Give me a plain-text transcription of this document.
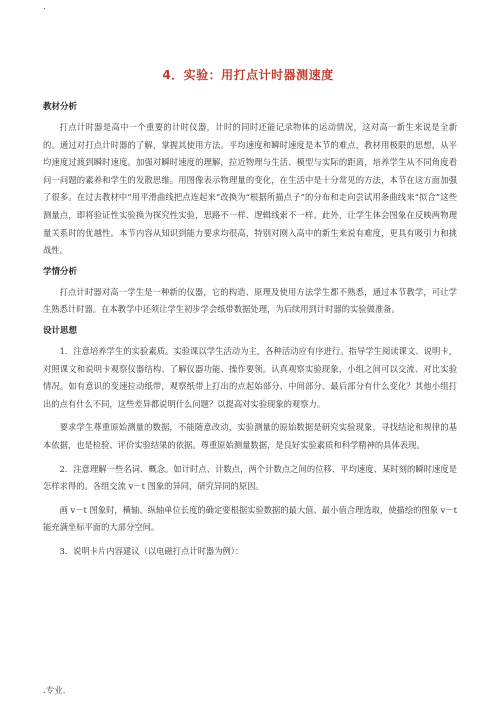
.
4．实验：用打点计时器测速度
教材分析

打点计时器是高中一个重要的计时仪器，计时的同时还能记录物体的运动情况，这对高一新生来说是全新的。通过对打点计时器的了解，掌握其使用方法。平均速度和瞬时速度是本节的难点，教材用极限的思想，从平均速度过渡到瞬时速度。加强对瞬时速度的理解，拉近物理与生活、模型与实际的距离，培养学生从不同角度看问一问题的素养和学生的发散思维。用图像表示物理量的变化，在生活中是十分常见的方法，本节在这方面加强了很多。在过去教材中“用平滑曲线把点连起来”改换为“根据所描点子”的分布和走向尝试用条曲线来“拟合”这些测量点，即将验证性实验换为探究性实验，思路不一样、逻辑线索不一样。此外，让学生体会图象在反映两物理量关系时的优越性。本节内容从知识到能力要求均很高，特别对刚入高中的新生来说有难度，更具有吸引力和挑战性。

学情分析

打点计时器对高一学生是一种新的仪器，它的构造、原理及使用方法学生都不熟悉，通过本节教学，可让学生熟悉计时器。在本教学中还须让学生初步学会纸带数据处理，为后续用到计时器的实验做准备。

设计思想

1．注意培养学生的实验素质。实验课以学生活动为主，各种活动应有序进行。指导学生阅读课文、说明卡，对照课文和说明卡观察仪器结构、了解仪器功能、操作要领。认真观察实验现象，小组之间可以交流、对比实验情况。如有意识的变速拉动纸带，观察纸带上打出的点起始部分、中间部分、最后部分有什么变化？其他小组打出的点有什么不同，这些差异都说明什么问题？以提高对实验现象的观察力。

要求学生尊重原始测量的数据，不能随意改动，实验测量的原始数据是研究实验现象，寻找结论和规律的基本依据，也是检验、评价实验结果的依据。尊重原始测量数据，是良好实验素质和科学精神的具体表现。

2．注意理解一些名词、概念。如计时点、计数点，两个计数点之间的位移、平均速度、某时刻的瞬时速度是怎样求得的。各组交流 v－t 图象的异同，研究异同的原因。

画 v－t 图象时，横轴、纵轴单位长度的确定要根据实验数据的最大值、最小值合理选取，使描绘的图象 v－t 能充满坐标平面的大部分空间。

3．说明卡片内容建议（以电磁打点计时器为例）：

.专业.
